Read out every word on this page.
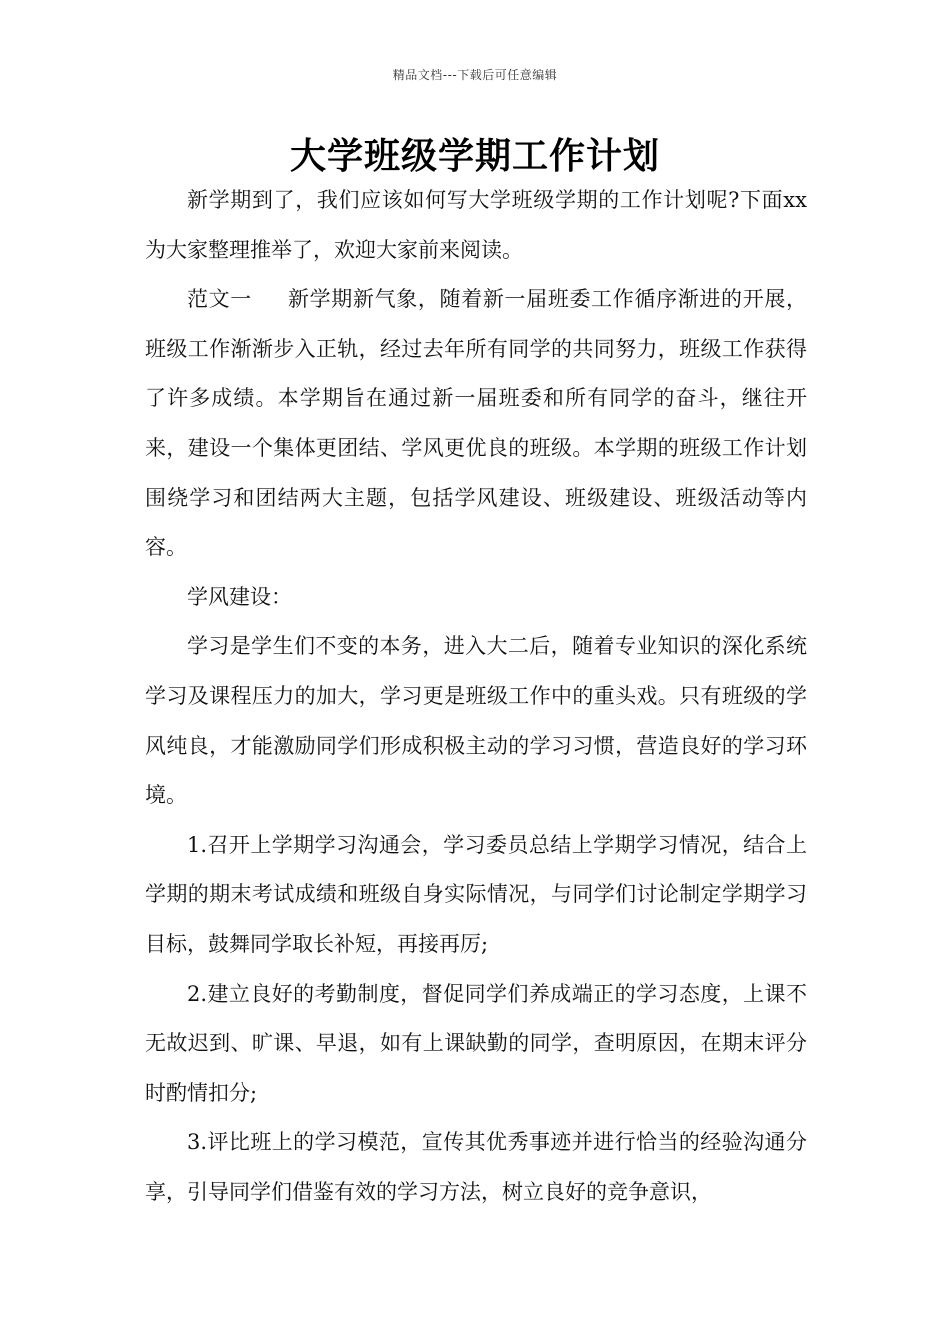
精品文档---下载后可任意编辑
大学班级学期工作计划

新学期到了，我们应该如何写大学班级学期的工作计划呢?下面xx为大家整理推举了，欢迎大家前来阅读。

范文一 新学期新气象，随着新一届班委工作循序渐进的开展，班级工作渐渐步入正轨，经过去年所有同学的共同努力，班级工作获得了许多成绩。本学期旨在通过新一届班委和所有同学的奋斗，继往开来，建设一个集体更团结、学风更优良的班级。本学期的班级工作计划围绕学习和团结两大主题，包括学风建设、班级建设、班级活动等内容。

学风建设：

学习是学生们不变的本务，进入大二后，随着专业知识的深化系统学习及课程压力的加大，学习更是班级工作中的重头戏。只有班级的学风纯良，才能激励同学们形成积极主动的学习习惯，营造良好的学习环境。

1.召开上学期学习沟通会，学习委员总结上学期学习情况，结合上学期的期末考试成绩和班级自身实际情况，与同学们讨论制定学期学习目标，鼓舞同学取长补短，再接再厉;

2.建立良好的考勤制度，督促同学们养成端正的学习态度，上课不无故迟到、旷课、早退，如有上课缺勤的同学，查明原因，在期末评分时酌情扣分;

3.评比班上的学习模范，宣传其优秀事迹并进行恰当的经验沟通分享，引导同学们借鉴有效的学习方法，树立良好的竞争意识，
